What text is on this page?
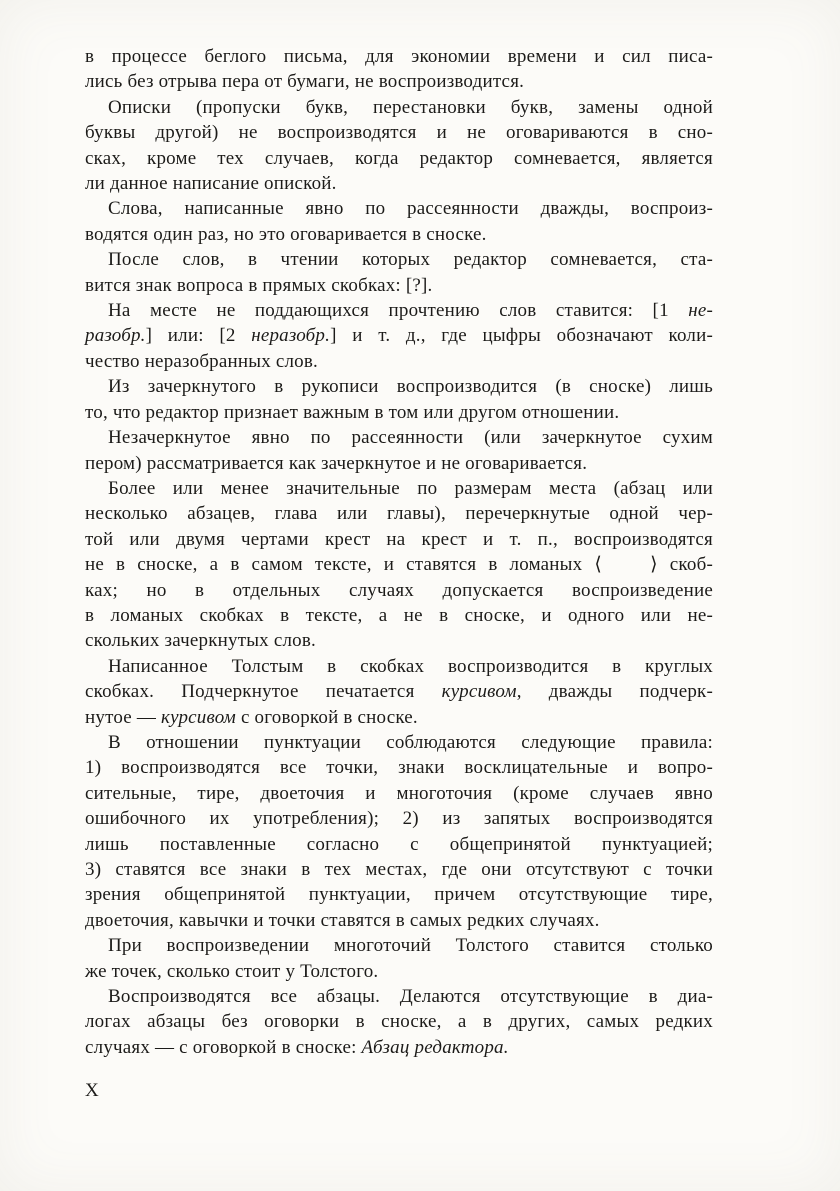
в процессе беглого письма, для экономии времени и сил писа-
лись без отрыва пера от бумаги, не воспроизводится.
Описки (пропуски букв, перестановки букв, замены одной
буквы другой) не воспроизводятся и не оговариваются в сно-
сках, кроме тех случаев, когда редактор сомневается, является
ли данное написание опиской.
Слова, написанные явно по рассеянности дважды, воспроиз-
водятся один раз, но это оговаривается в сноске.
После слов, в чтении которых редактор сомневается, ста-
вится знак вопроса в прямых скобках: [?].
На месте не поддающихся прочтению слов ставится: [1 не-
разобр.] или: [2 неразобр.] и т. д., где цыфры обозначают коли-
чество неразобранных слов.
Из зачеркнутого в рукописи воспроизводится (в сноске) лишь
то, что редактор признает важным в том или другом отношении.
Незачеркнутое явно по рассеянности (или зачеркнутое сухим
пером) рассматривается как зачеркнутое и не оговаривается.
Более или менее значительные по размерам места (абзац или
несколько абзацев, глава или главы), перечеркнутые одной чер-
той или двумя чертами крест на крест и т. п., воспроизводятся
не в сноске, а в самом тексте, и ставятся в ломаных ⟨    ⟩ скоб-
ках; но в отдельных случаях допускается воспроизведение
в ломаных скобках в тексте, а не в сноске, и одного или не-
скольких зачеркнутых слов.
Написанное Толстым в скобках воспроизводится в круглых
скобках. Подчеркнутое печатается курсивом, дважды подчерк-
нутое — курсивом с оговоркой в сноске.
В отношении пунктуации соблюдаются следующие правила:
1) воспроизводятся все точки, знаки восклицательные и вопро-
сительные, тире, двоеточия и многоточия (кроме случаев явно
ошибочного их употребления); 2) из запятых воспроизводятся
лишь поставленные согласно с общепринятой пунктуацией;
3) ставятся все знаки в тех местах, где они отсутствуют с точки
зрения общепринятой пунктуации, причем отсутствующие тире,
двоеточия, кавычки и точки ставятся в самых редких случаях.
При воспроизведении многоточий Толстого ставится столько
же точек, сколько стоит у Толстого.
Воспроизводятся все абзацы. Делаются отсутствующие в диа-
логах абзацы без оговорки в сноске, а в других, самых редких
случаях — с оговоркой в сноске: Абзац редактора.
X
